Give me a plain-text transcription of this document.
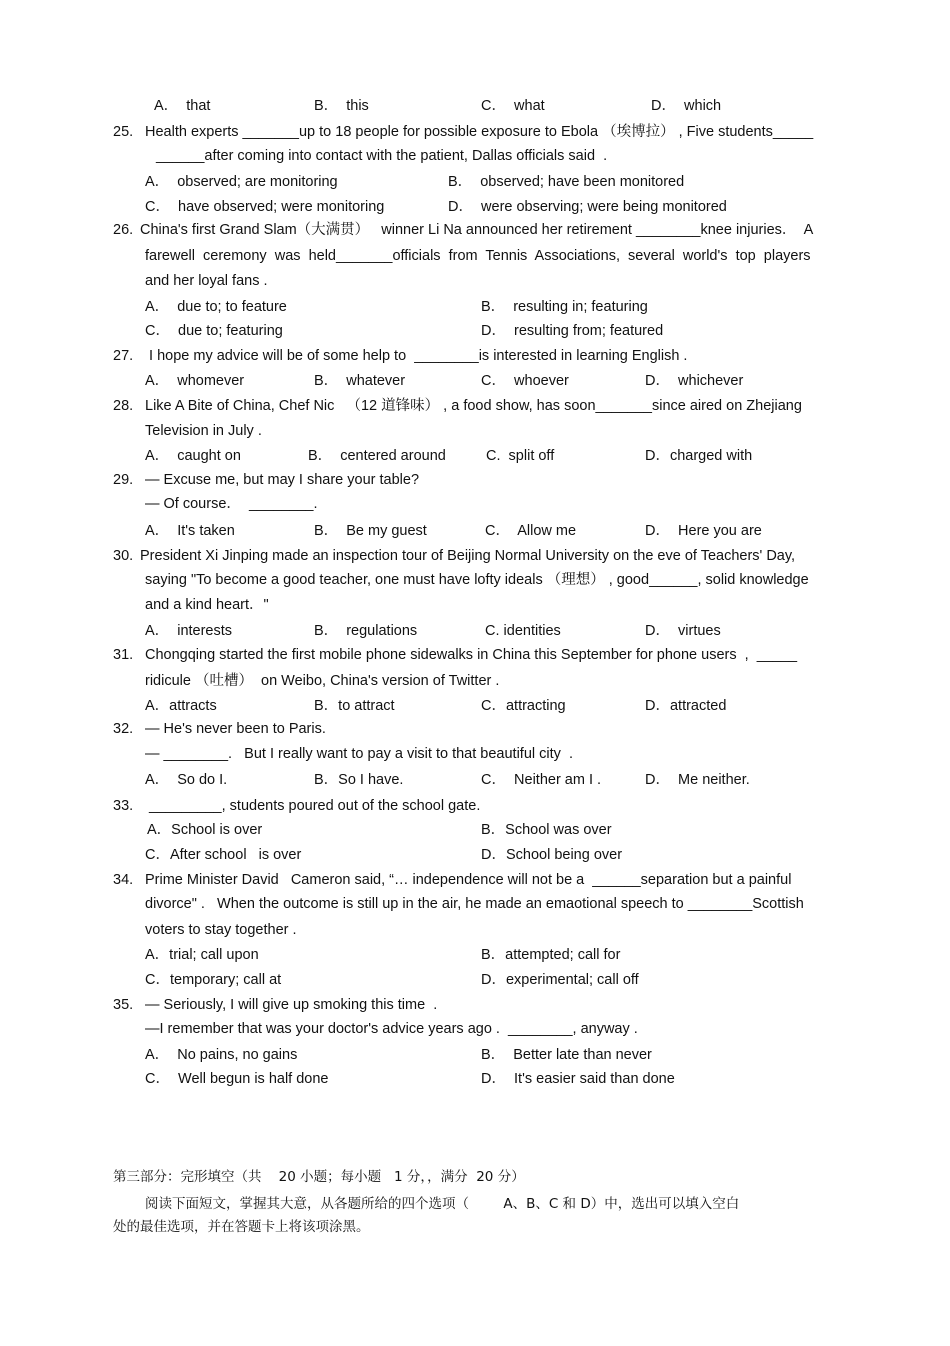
A．  that	B．  this	C．  what	D．  which
25. Health experts _______up to 18 people for possible exposure to Ebola （埃博拉） , Five students_____
______after coming into contact with the patient, Dallas officials said  .
A．  observed; are monitoring	B．  observed; have been monitored
C．  have observed; were monitoring	D．  were observing; were being monitored
26. China's first Grand Slam（大满贯）   winner Li Na announced her retirement ________knee injuries．  A
farewell  ceremony  was  held_______officials  from  Tennis  Associations,  several  world's  top  players
and her loyal fans .
A．  due to; to feature	B．  resulting in; featuring
C．  due to; featuring	D．  resulting from; featured
27. I hope my advice will be of some help to  ________is interested in learning English .
A．  whomever	B．  whatever	C．  whoever	D．  whichever
28. Like A Bite of China, Chef Nic   （12 道锋味） , a food show, has soon_______since aired on Zhejiang
Television in July .
A．  caught on	B．  centered around	C.  split off	D．charged with
29. — Excuse me, but may I share your table?
— Of course．  ________.
A．  It's taken	B．  Be my guest	C．  Allow me	D．  Here you are
30. President Xi Jinping made an inspection tour of Beijing Normal University on the eve of Teachers' Day,
saying "To become a good teacher, one must have lofty ideals （理想） , good______, solid knowledge
and a kind heart．"
A．  interests	B．  regulations	C. identities	D．  virtues
31. Chongqing started the first mobile phone sidewalks in China this September for phone users  ,  _____
ridicule （吐槽）  on Weibo, China's version of Twitter .
A．attracts	B．to attract	C．attracting	D．attracted
32. — He's never been to Paris.
— ________.   But I really want to pay a visit to that beautiful city  .
A．  So do I.	B．So I have.	C．  Neither am I .	D．  Me neither.
33. _________, students poured out of the school gate.
A．School is over	B．School was over
C．After school   is over	D．School being over
34. Prime Minister David   Cameron said, “… independence will not be a  ______separation but a painful
divorce" .   When the outcome is still up in the air, he made an emaotional speech to ________Scottish
voters to stay together .
A．trial; call upon	B．attempted; call for
C．temporary; call at	D．experimental; call off
35. — Seriously, I will give up smoking this time  .
—I remember that was your doctor's advice years ago .  ________, anyway .
A．  No pains, no gains	B．  Better late than never
C．  Well begun is half done	D．  It's easier said than done
第三部分：完形填空（共    20 小题；每小题   1 分，，满分  20 分）
阅读下面短文，掌握其大意，从各题所给的四个选项（        A、B、C 和 D）中，选出可以填入空白
处的最佳选项，并在答题卡上将该项涂黑。
